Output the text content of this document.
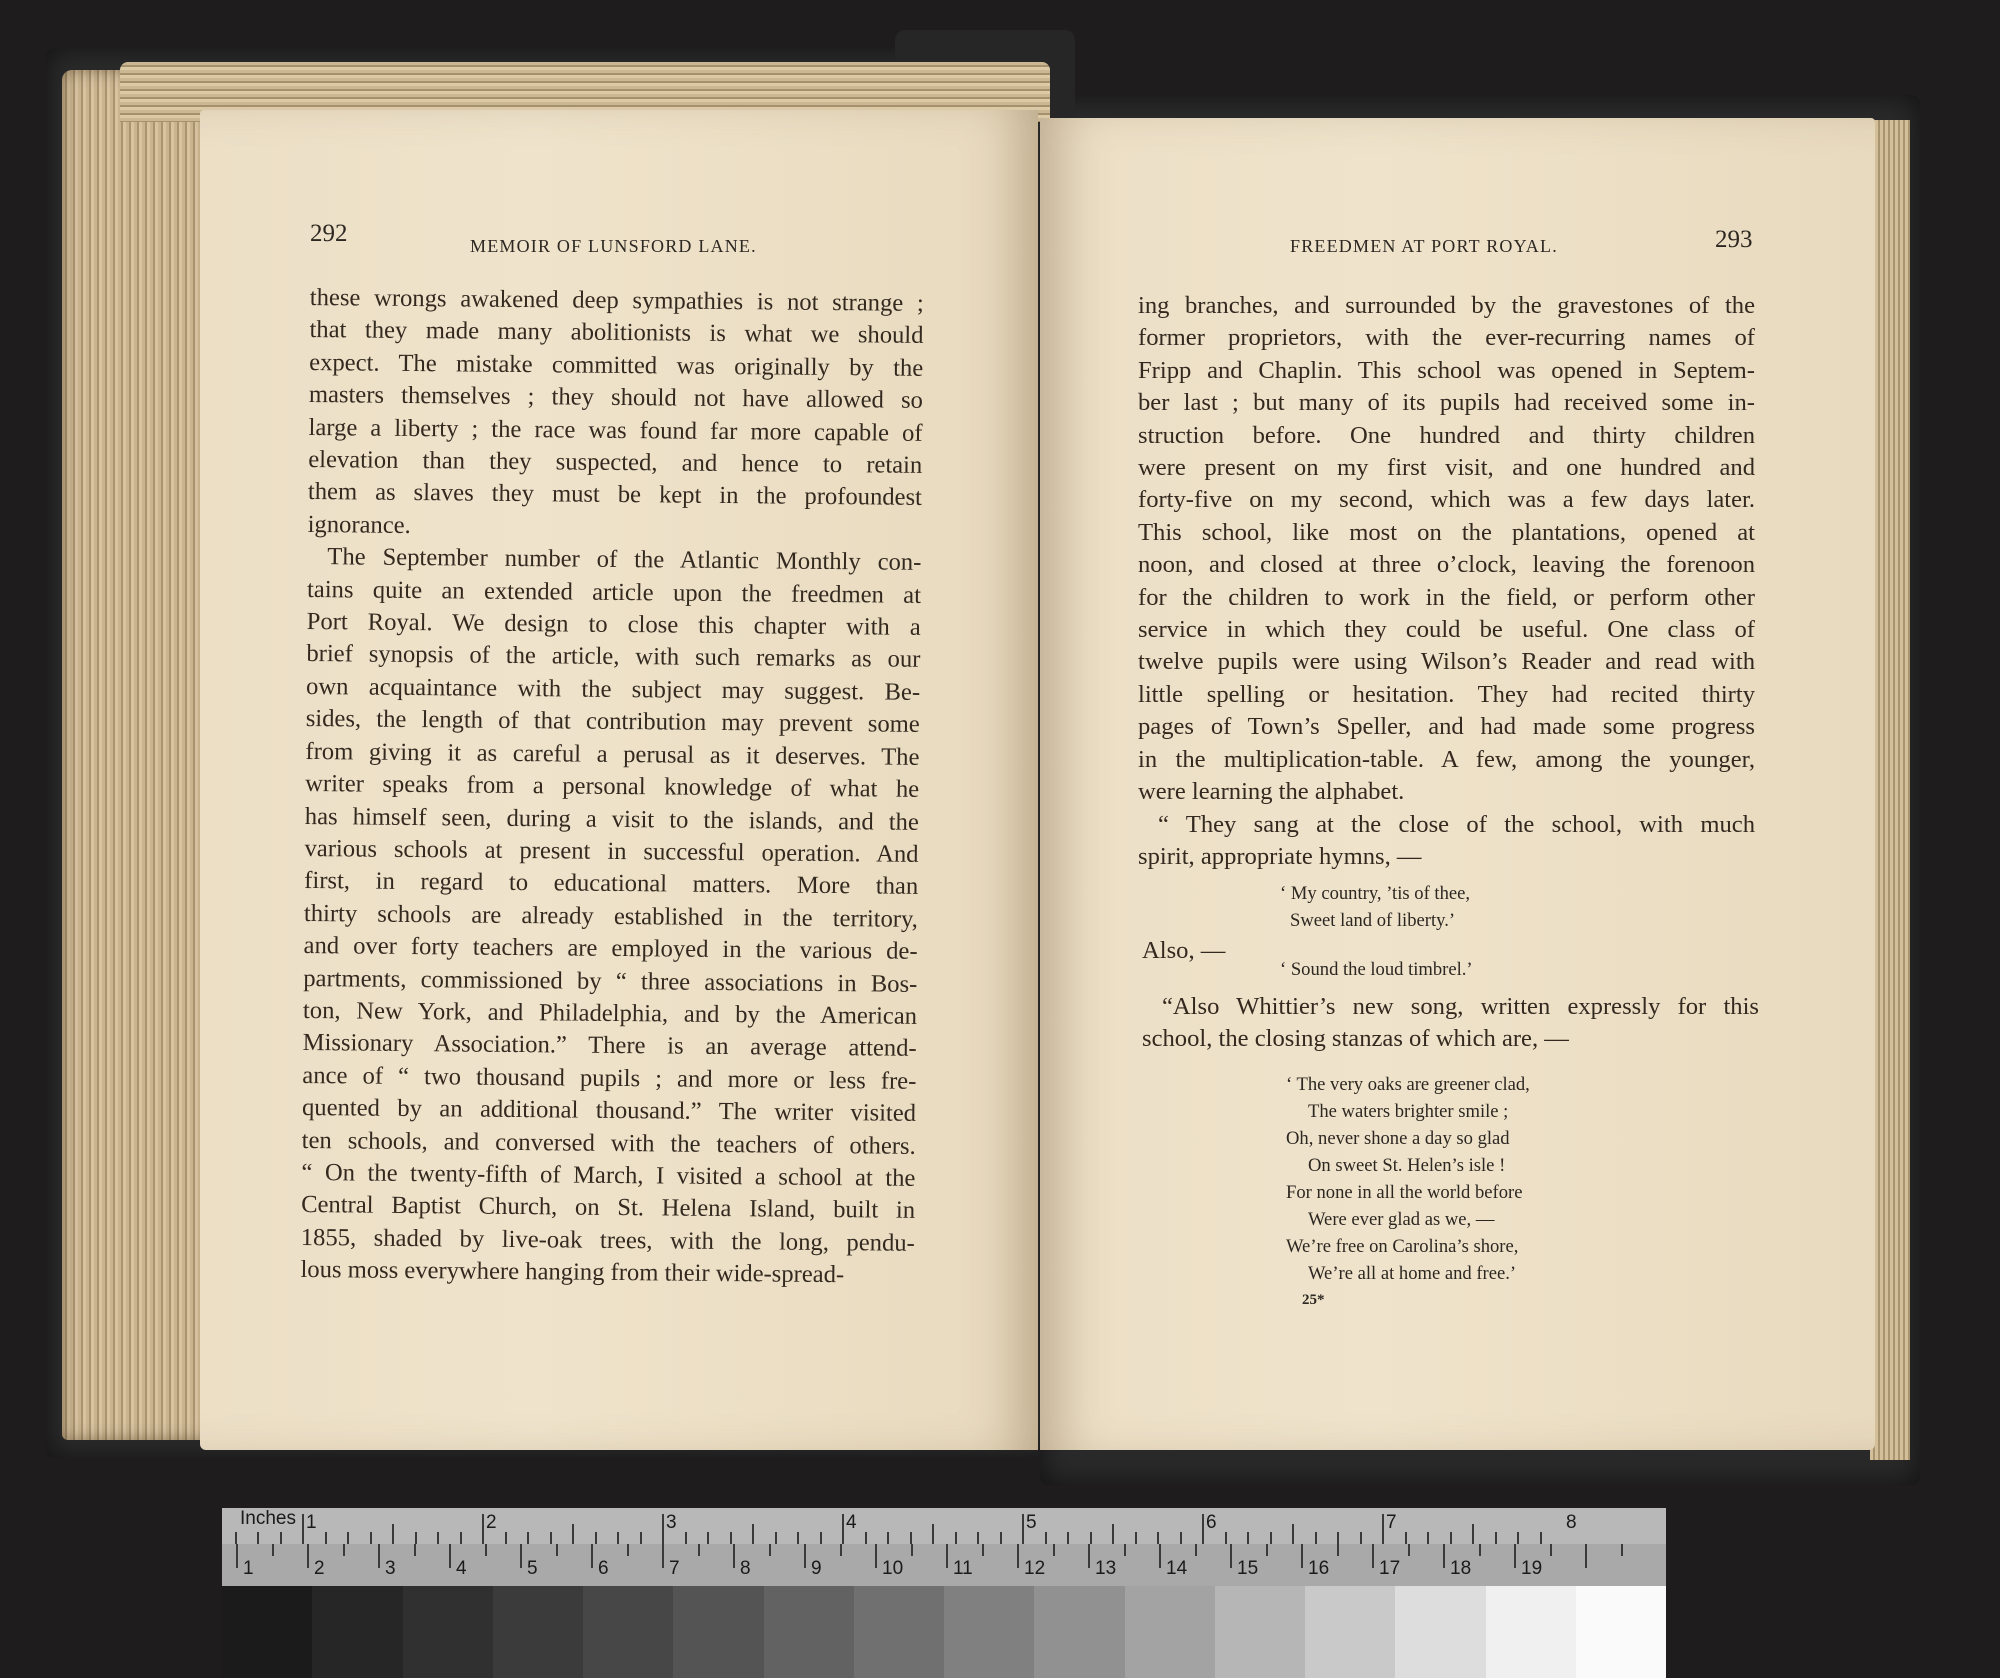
292	MEMOIR OF LUNSFORD LANE.
these wrongs awakened deep sympathies is not strange ;
that they made many abolitionists is what we should
expect. The mistake committed was originally by the
masters themselves ; they should not have allowed so
large a liberty ; the race was found far more capable of
elevation than they suspected, and hence to retain
them as slaves they must be kept in the profoundest
ignorance.
The September number of the Atlantic Monthly con-
tains quite an extended article upon the freedmen at
Port Royal. We design to close this chapter with a
brief synopsis of the article, with such remarks as our
own acquaintance with the subject may suggest. Be-
sides, the length of that contribution may prevent some
from giving it as careful a perusal as it deserves. The
writer speaks from a personal knowledge of what he
has himself seen, during a visit to the islands, and the
various schools at present in successful operation. And
first, in regard to educational matters. More than
thirty schools are already established in the territory,
and over forty teachers are employed in the various de-
partments, commissioned by “ three associations in Bos-
ton, New York, and Philadelphia, and by the American
Missionary Association.” There is an average attend-
ance of “ two thousand pupils ; and more or less fre-
quented by an additional thousand.” The writer visited
ten schools, and conversed with the teachers of others.
“ On the twenty-fifth of March, I visited a school at the
Central Baptist Church, on St. Helena Island, built in
1855, shaded by live-oak trees, with the long, pendu-
lous moss everywhere hanging from their wide-spread-
FREEDMEN AT PORT ROYAL.	293
ing branches, and surrounded by the gravestones of the
former proprietors, with the ever-recurring names of
Fripp and Chaplin. This school was opened in Septem-
ber last ; but many of its pupils had received some in-
struction before. One hundred and thirty children
were present on my first visit, and one hundred and
forty-five on my second, which was a few days later.
This school, like most on the plantations, opened at
noon, and closed at three o’clock, leaving the forenoon
for the children to work in the field, or perform other
service in which they could be useful. One class of
twelve pupils were using Wilson’s Reader and read with
little spelling or hesitation. They had recited thirty
pages of Town’s Speller, and had made some progress
in the multiplication-table. A few, among the younger,
were learning the alphabet.
“ They sang at the close of the school, with much
spirit, appropriate hymns, —
‘ My country, ’tis of thee,
Sweet land of liberty.’
Also, —
‘ Sound the loud timbrel.’
“Also Whittier’s new song, written expressly for this
school, the closing stanzas of which are, —
‘ The very oaks are greener clad,
The waters brighter smile ;
Oh, never shone a day so glad
On sweet St. Helen’s isle !
For none in all the world before
Were ever glad as we, —
We’re free on Carolina’s shore,
We’re all at home and free.’
25*
Inches 1	2	3	4	5	6	7	8
1	2	3	4	5	6	7	8	9	10	11	12	13	14	15	16	17	18	19
